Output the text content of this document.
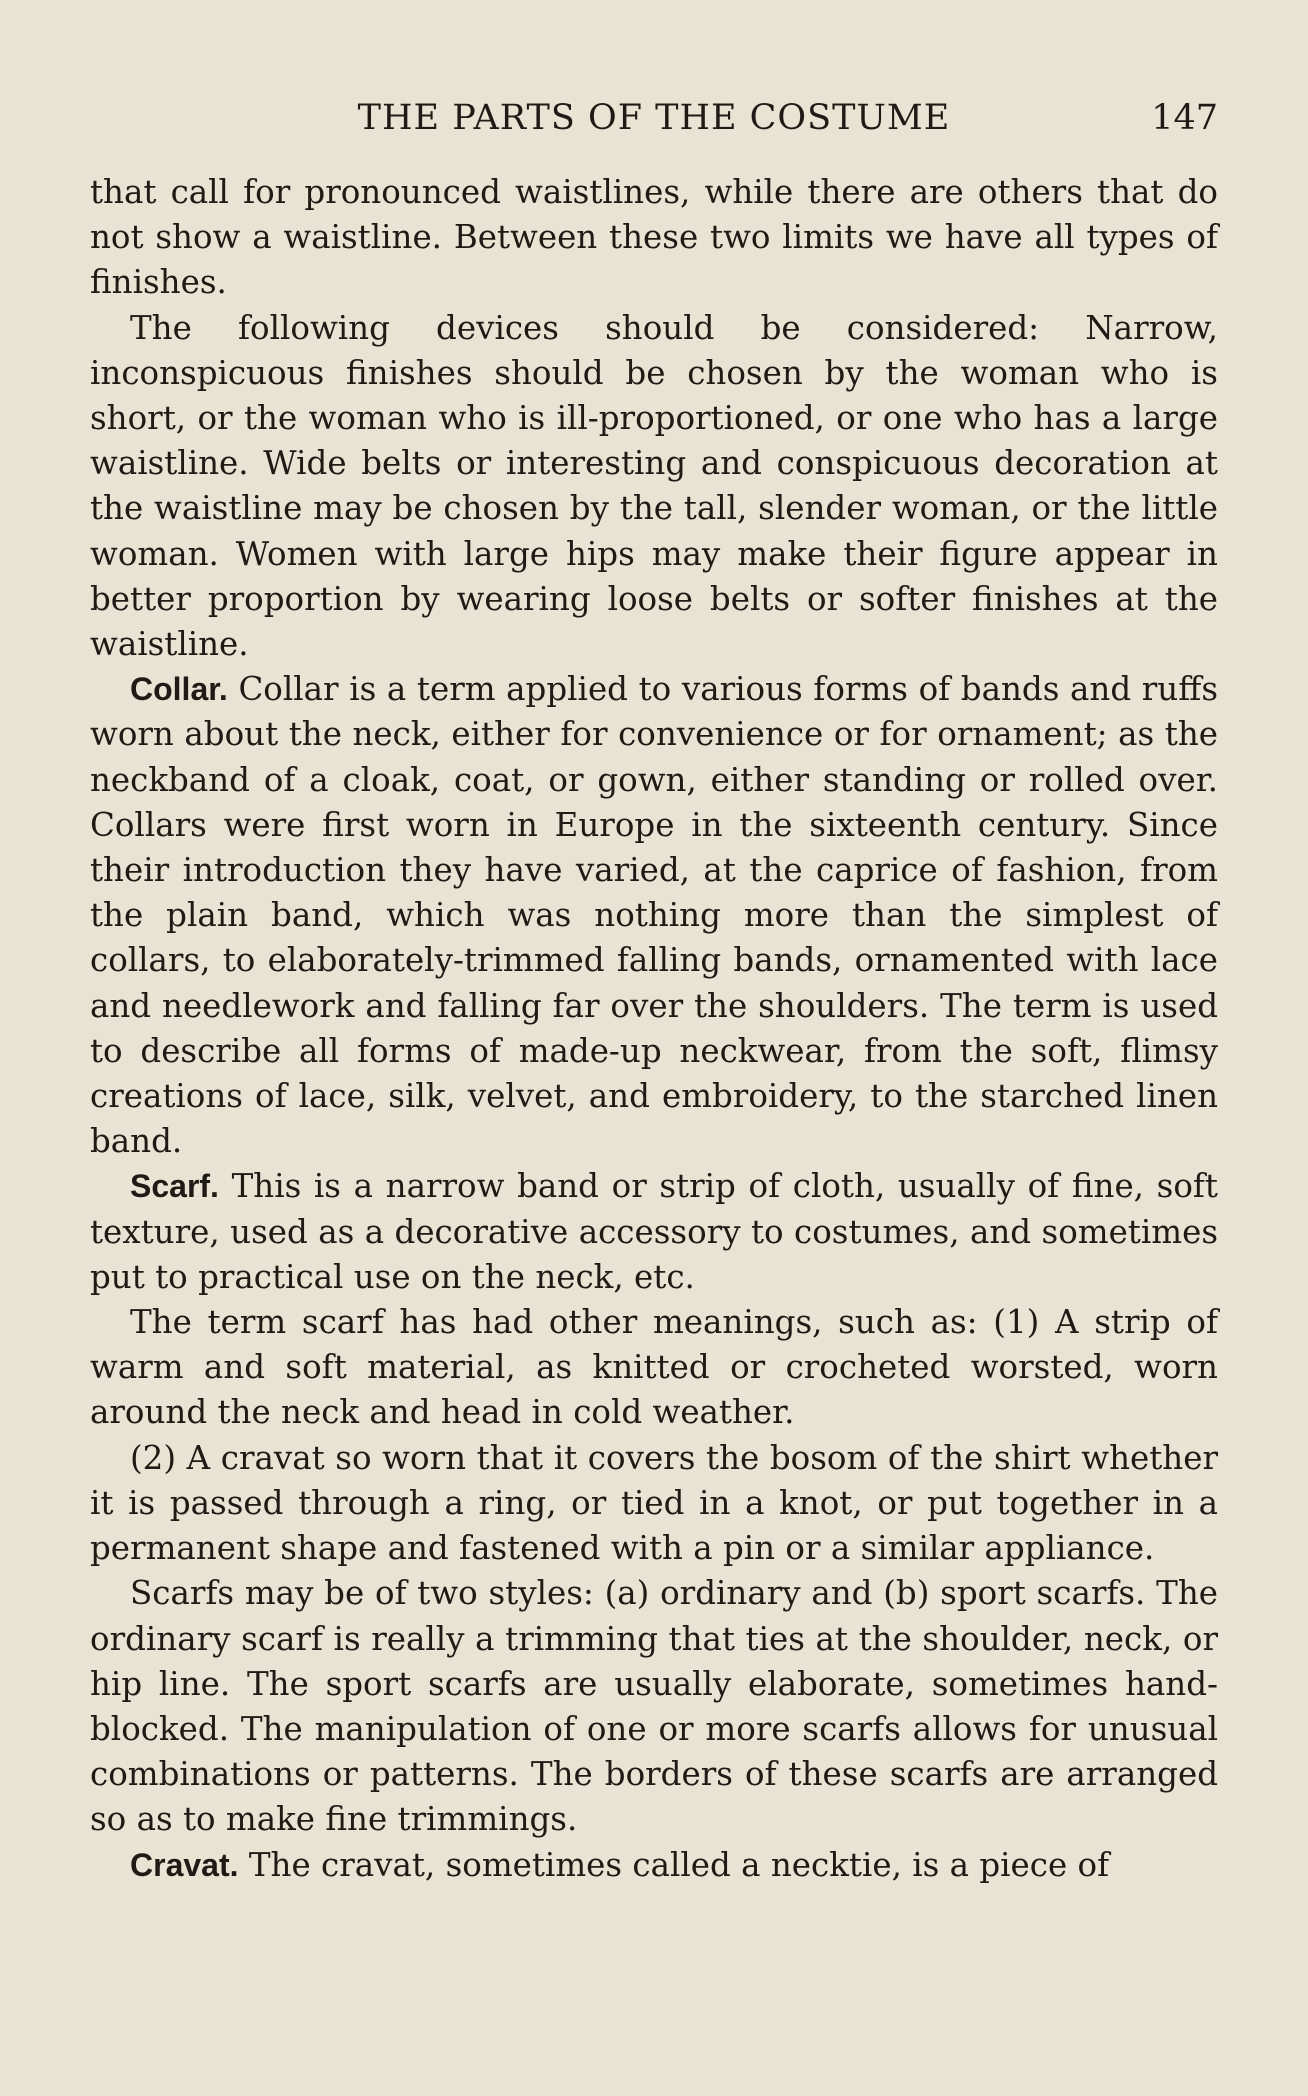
THE PARTS OF THE COSTUME	147

that call for pronounced waistlines, while there are others that do not show a waistline. Between these two limits we have all types of finishes.

The following devices should be considered: Narrow, inconspicuous finishes should be chosen by the woman who is short, or the woman who is ill-proportioned, or one who has a large waistline. Wide belts or interesting and conspicuous decoration at the waistline may be chosen by the tall, slender woman, or the little woman. Women with large hips may make their figure appear in better proportion by wearing loose belts or softer finishes at the waistline.

Collar. Collar is a term applied to various forms of bands and ruffs worn about the neck, either for convenience or for ornament; as the neckband of a cloak, coat, or gown, either standing or rolled over. Collars were first worn in Europe in the sixteenth century. Since their introduction they have varied, at the caprice of fashion, from the plain band, which was nothing more than the simplest of collars, to elaborately-trimmed falling bands, ornamented with lace and needlework and falling far over the shoulders. The term is used to describe all forms of made-up neckwear, from the soft, flimsy creations of lace, silk, velvet, and embroidery, to the starched linen band.

Scarf. This is a narrow band or strip of cloth, usually of fine, soft texture, used as a decorative accessory to costumes, and sometimes put to practical use on the neck, etc.

The term scarf has had other meanings, such as: (1) A strip of warm and soft material, as knitted or crocheted worsted, worn around the neck and head in cold weather.

(2) A cravat so worn that it covers the bosom of the shirt whether it is passed through a ring, or tied in a knot, or put together in a permanent shape and fastened with a pin or a similar appliance.

Scarfs may be of two styles: (a) ordinary and (b) sport scarfs. The ordinary scarf is really a trimming that ties at the shoulder, neck, or hip line. The sport scarfs are usually elaborate, sometimes hand-blocked. The manipulation of one or more scarfs allows for unusual combinations or patterns. The borders of these scarfs are arranged so as to make fine trimmings.

Cravat. The cravat, sometimes called a necktie, is a piece of
